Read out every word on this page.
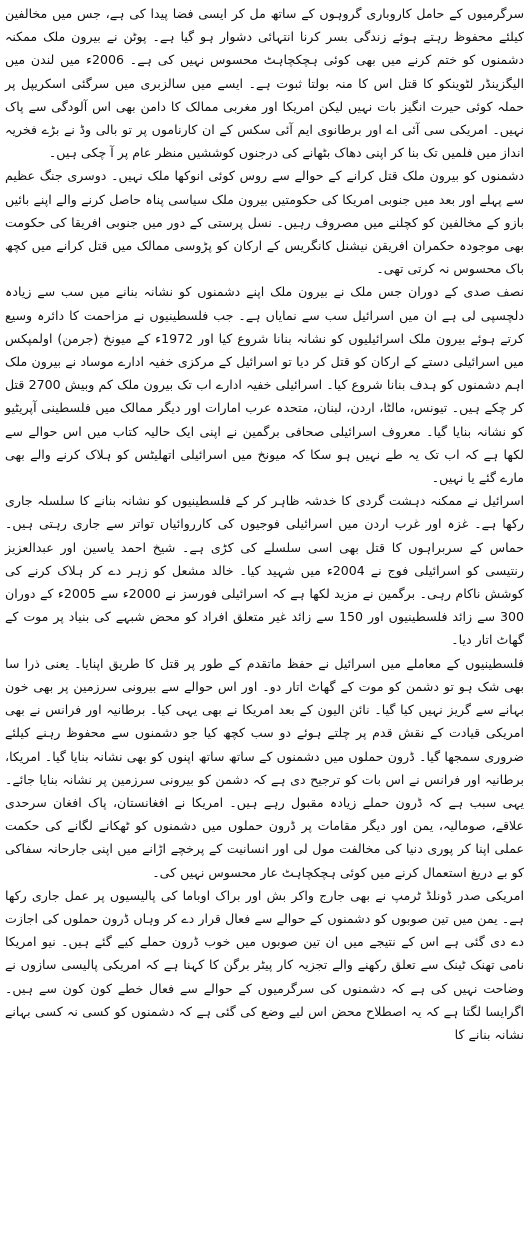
سرگرمیوں کے حامل کاروباری گروہوں کے ساتھ مل کر ایسی فضا پیدا کی ہے، جس میں مخالفین کیلئے محفوظ رہتے ہوئے زندگی بسر کرنا انتہائی دشوار ہو گیا ہے۔ پوٹن نے بیرون ملک ممکنہ دشمنوں کو ختم کرنے میں بھی کوئی ہچکچاہٹ محسوس نہیں کی ہے۔ 2006ء میں لندن میں الیگزینڈر لٹوینکو کا قتل اس کا منہ بولتا ثبوت ہے۔ ایسے میں سالزبری میں سرگئی اسکریپل پر حملہ کوئی حیرت انگیز بات نہیں لیکن امریکا اور مغربی ممالک کا دامن بھی اس آلودگی سے پاک نہیں۔ امریکی سی آئی اے اور برطانوی ایم آئی سکس کے ان کارناموں پر تو بالی وڈ نے بڑے فخریہ انداز میں فلمیں تک بنا کر اپنی دھاک بٹھانے کی درجنوں کوششیں منظر عام پر آ چکی ہیں۔

دشمنوں کو بیرون ملک قتل کرانے کے حوالے سے روس کوئی انوکھا ملک نہیں۔ دوسری جنگ عظیم سے پہلے اور بعد میں جنوبی امریکا کی حکومتیں بیرون ملک سیاسی پناہ حاصل کرنے والے اپنے بائیں بازو کے مخالفین کو کچلنے میں مصروف رہیں۔ نسل پرستی کے دور میں جنوبی افریقا کی حکومت بھی موجودہ حکمران افریقن نیشنل کانگریس کے ارکان کو پڑوسی ممالک میں قتل کرانے میں کچھ باک محسوس نہ کرتی تھی۔

نصف صدی کے دوران جس ملک نے بیرون ملک اپنے دشمنوں کو نشانہ بنانے میں سب سے زیادہ دلچسپی لی ہے ان میں اسرائیل سب سے نمایاں ہے۔ جب فلسطینیوں نے مزاحمت کا دائرہ وسیع کرتے ہوئے بیرون ملک اسرائیلیوں کو نشانہ بنانا شروع کیا اور 1972ء کے میونخ (جرمن) اولمپکس میں اسرائیلی دستے کے ارکان کو قتل کر دیا تو اسرائیل کے مرکزی خفیہ ادارے موساد نے بیرون ملک اہم دشمنوں کو ہدف بنانا شروع کیا۔ اسرائیلی خفیہ ادارے اب تک بیرون ملک کم وبیش 2700 قتل کر چکے ہیں۔ تیونس، مالٹا، اردن، لبنان، متحدہ عرب امارات اور دیگر ممالک میں فلسطینی آپریٹیو کو نشانہ بنایا گیا۔ معروف اسرائیلی صحافی برگمین نے اپنی ایک حالیہ کتاب میں اس حوالے سے لکھا ہے کہ اب تک یہ طے نہیں ہو سکا کہ میونخ میں اسرائیلی اتھلیٹس کو ہلاک کرنے والے بھی مارے گئے یا نہیں۔

اسرائیل نے ممکنہ دہشت گردی کا خدشہ ظاہر کر کے فلسطینیوں کو نشانہ بنانے کا سلسلہ جاری رکھا ہے۔ غزہ اور غرب اردن میں اسرائیلی فوجیوں کی کارروائیاں تواتر سے جاری رہتی ہیں۔ حماس کے سربراہوں کا قتل بھی اسی سلسلے کی کڑی ہے۔ شیخ احمد یاسین اور عبدالعزیز رنتیسی کو اسرائیلی فوج نے 2004ء میں شہید کیا۔ خالد مشعل کو زہر دے کر ہلاک کرنے کی کوشش ناکام رہی۔ برگمین نے مزید لکھا ہے کہ اسرائیلی فورسز نے 2000ء سے 2005ء کے دوران 300 سے زائد فلسطینیوں اور 150 سے زائد غیر متعلق افراد کو محض شبہے کی بنیاد پر موت کے گھاٹ اتار دیا۔

فلسطینیوں کے معاملے میں اسرائیل نے حفظ ماتقدم کے طور پر قتل کا طریق اپنایا۔ یعنی ذرا سا بھی شک ہو تو دشمن کو موت کے گھاٹ اتار دو۔ اور اس حوالے سے بیرونی سرزمین پر بھی خون بہانے سے گریز نہیں کیا گیا۔ نائن الیون کے بعد امریکا نے بھی یہی کیا۔ برطانیہ اور فرانس نے بھی امریکی قیادت کے نقش قدم پر چلتے ہوئے دو سب کچھ کیا جو دشمنوں سے محفوظ رہنے کیلئے ضروری سمجھا گیا۔ ڈرون حملوں میں دشمنوں کے ساتھ ساتھ اپنوں کو بھی نشانہ بنایا گیا۔ امریکا، برطانیہ اور فرانس نے اس بات کو ترجیح دی ہے کہ دشمن کو بیرونی سرزمین پر نشانہ بنایا جائے۔ یہی سبب ہے کہ ڈرون حملے زیادہ مقبول رہے ہیں۔ امریکا نے افغانستان، پاک افغان سرحدی علاقے، صومالیہ، یمن اور دیگر مقامات پر ڈرون حملوں میں دشمنوں کو ٹھکانے لگانے کی حکمت عملی اپنا کر پوری دنیا کی مخالفت مول لی اور انسانیت کے پرخچے اڑانے میں اپنی جارحانہ سفاکی کو بے دریغ استعمال کرنے میں کوئی ہچکچاہٹ عار محسوس نہیں کی۔

امریکی صدر ڈونلڈ ٹرمپ نے بھی جارج واکر بش اور براک اوباما کی پالیسیوں پر عمل جاری رکھا ہے۔ یمن میں تین صوبوں کو دشمنوں کے حوالے سے فعال قرار دے کر وہاں ڈرون حملوں کی اجازت دے دی گئی ہے اس کے نتیجے میں ان تین صوبوں میں خوب ڈرون حملے کیے گئے ہیں۔ نیو امریکا نامی تھنک ٹینک سے تعلق رکھنے والے تجزیہ کار پیٹر برگن کا کہنا ہے کہ امریکی پالیسی سازوں نے وضاحت نہیں کی ہے کہ دشمنوں کی سرگرمیوں کے حوالے سے فعال خطے کون کون سے ہیں۔ اگرایسا لگتا ہے کہ یہ اصطلاح محض اس لیے وضع کی گئی ہے کہ دشمنوں کو کسی نہ کسی بہانے نشانہ بنانے کا
